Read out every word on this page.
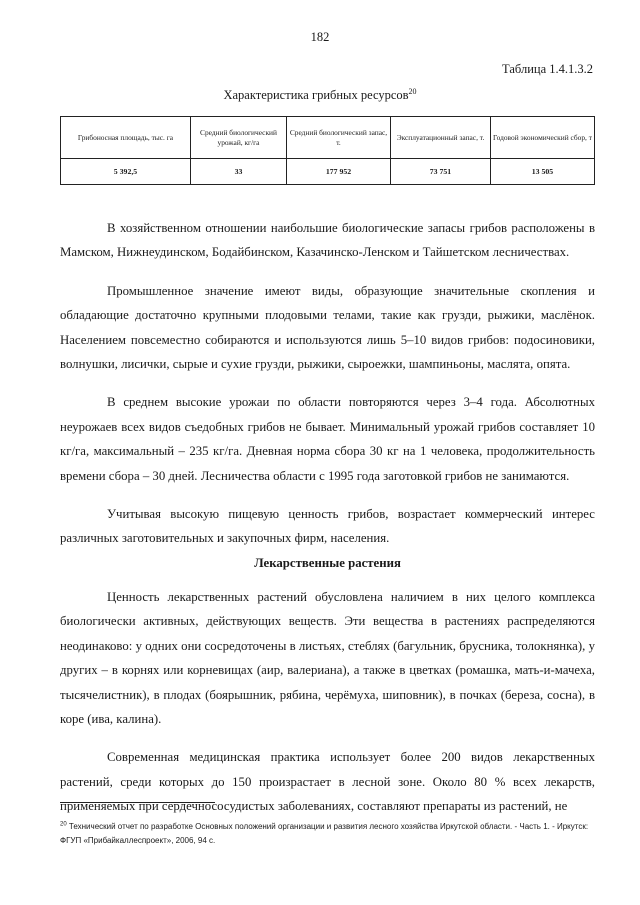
182
Таблица 1.4.1.3.2
Характеристика грибных ресурсов$^{20}$
Грибоносная площадь, тыс. га	Средний биологический урожай, кг/га	Средний биологический запас, т.	Эксплуатационный запас, т.	Годовой экономический сбор, т
5 392,5	33	177 952	73 751	13 505

В хозяйственном отношении наибольшие биологические запасы грибов расположены в Мамском, Нижнеудинском, Бодайбинском, Казачинско-Ленском и Тайшетском лесничествах.

Промышленное значение имеют виды, образующие значительные скопления и обладающие достаточно крупными плодовыми телами, такие как грузди, рыжики, маслёнок. Населением повсеместно собираются и используются лишь 5–10 видов грибов: подосиновики, волнушки, лисички, сырые и сухие грузди, рыжики, сыроежки, шампиньоны, маслята, опята.

В среднем высокие урожаи по области повторяются через 3–4 года. Абсолютных неурожаев всех видов съедобных грибов не бывает. Минимальный урожай грибов составляет 10 кг/га, максимальный – 235 кг/га. Дневная норма сбора 30 кг на 1 человека, продолжительность времени сбора – 30 дней. Лесничества области с 1995 года заготовкой грибов не занимаются.

Учитывая высокую пищевую ценность грибов, возрастает коммерческий интерес различных заготовительных и закупочных фирм, населения.

Лекарственные растения

Ценность лекарственных растений обусловлена наличием в них целого комплекса биологически активных, действующих веществ. Эти вещества в растениях распределяются неодинаково: у одних они сосредоточены в листьях, стеблях (багульник, брусника, толокнянка), у других – в корнях или корневищах (аир, валериана), а также в цветках (ромашка, мать-и-мачеха, тысячелистник), в плодах (боярышник, рябина, черёмуха, шиповник), в почках (береза, сосна), в коре (ива, калина).

Современная медицинская практика использует более 200 видов лекарственных растений, среди которых до 150 произрастает в лесной зоне. Около 80 % всех лекарств, применяемых при сердечнососудистых заболеваниях, составляют препараты из растений, не

$^{20}$ Технический отчет по разработке Основных положений организации и развития лесного хозяйства Иркутской области. - Часть 1. - Иркутск: ФГУП «Прибайкаллеспроект», 2006, 94 с.
